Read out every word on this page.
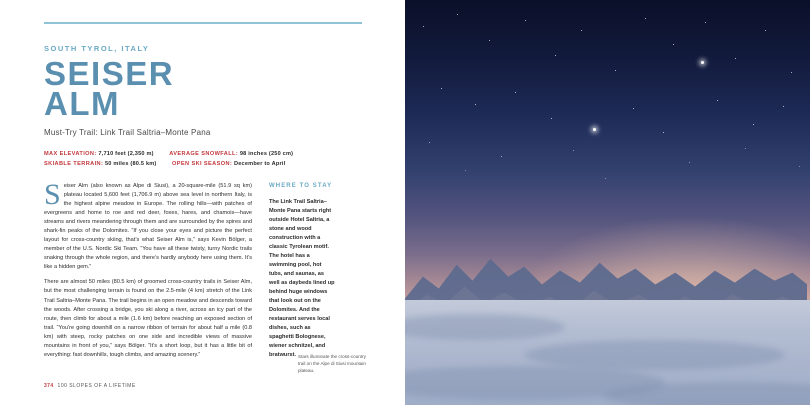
SOUTH TYROL, ITALY
SEISER
ALM
Must-Try Trail: Link Trail Saltria–Monte Pana
MAX ELEVATION: 7,710 feet (2,350 m)	AVERAGE SNOWFALL: 98 inches (250 cm)
SKIABLE TERRAIN: 50 miles (80.5 km)	OPEN SKI SEASON: December to April
Seiser Alm (also known as Alpe di Siusi), a 20-square-mile (51.9 sq km) plateau located 5,600 feet (1,706.9 m) above sea level in northern Italy, is the highest alpine meadow in Europe. The rolling hills—with patches of evergreens and home to roe and red deer, foxes, hares, and chamois—have streams and rivers meandering through them and are surrounded by the spires and shark-fin peaks of the Dolomites. “If you close your eyes and picture the perfect layout for cross-country skiing, that’s what Seiser Alm is,” says Kevin Bölger, a member of the U.S. Nordic Ski Team. “You have all these twisty, turny Nordic trails snaking through the whole region, and there’s hardly anybody here using them. It’s like a hidden gem.”
There are almost 50 miles (80.5 km) of groomed cross-country trails in Seiser Alm, but the most challenging terrain is found on the 2.5-mile (4 km) stretch of the Link Trail Saltria–Monte Pana. The trail begins in an open meadow and descends toward the woods. After crossing a bridge, you ski along a river, across an icy part of the route, then climb for about a mile (1.6 km) before reaching an exposed section of trail. “You’re going downhill on a narrow ribbon of terrain for about half a mile (0.8 km) with steep, rocky patches on one side and incredible views of massive mountains in front of you,” says Bölger. “It’s a short loop, but it has a little bit of everything: fast downhills, tough climbs, and amazing scenery.”
WHERE TO STAY
The Link Trail Saltria–Monte Pana starts right outside Hotel Saltria, a stone and wood construction with a classic Tyrolean motif. The hotel has a swimming pool, hot tubs, and saunas, as well as daybeds lined up behind huge windows that look out on the Dolomites. And the restaurant serves local dishes, such as spaghetti Bolognese, wiener schnitzel, and bratwurst. Stars illuminate the cross-country trail on the Alpe di Siusi mountain plateau.
374 100 SLOPES OF A LIFETIME
